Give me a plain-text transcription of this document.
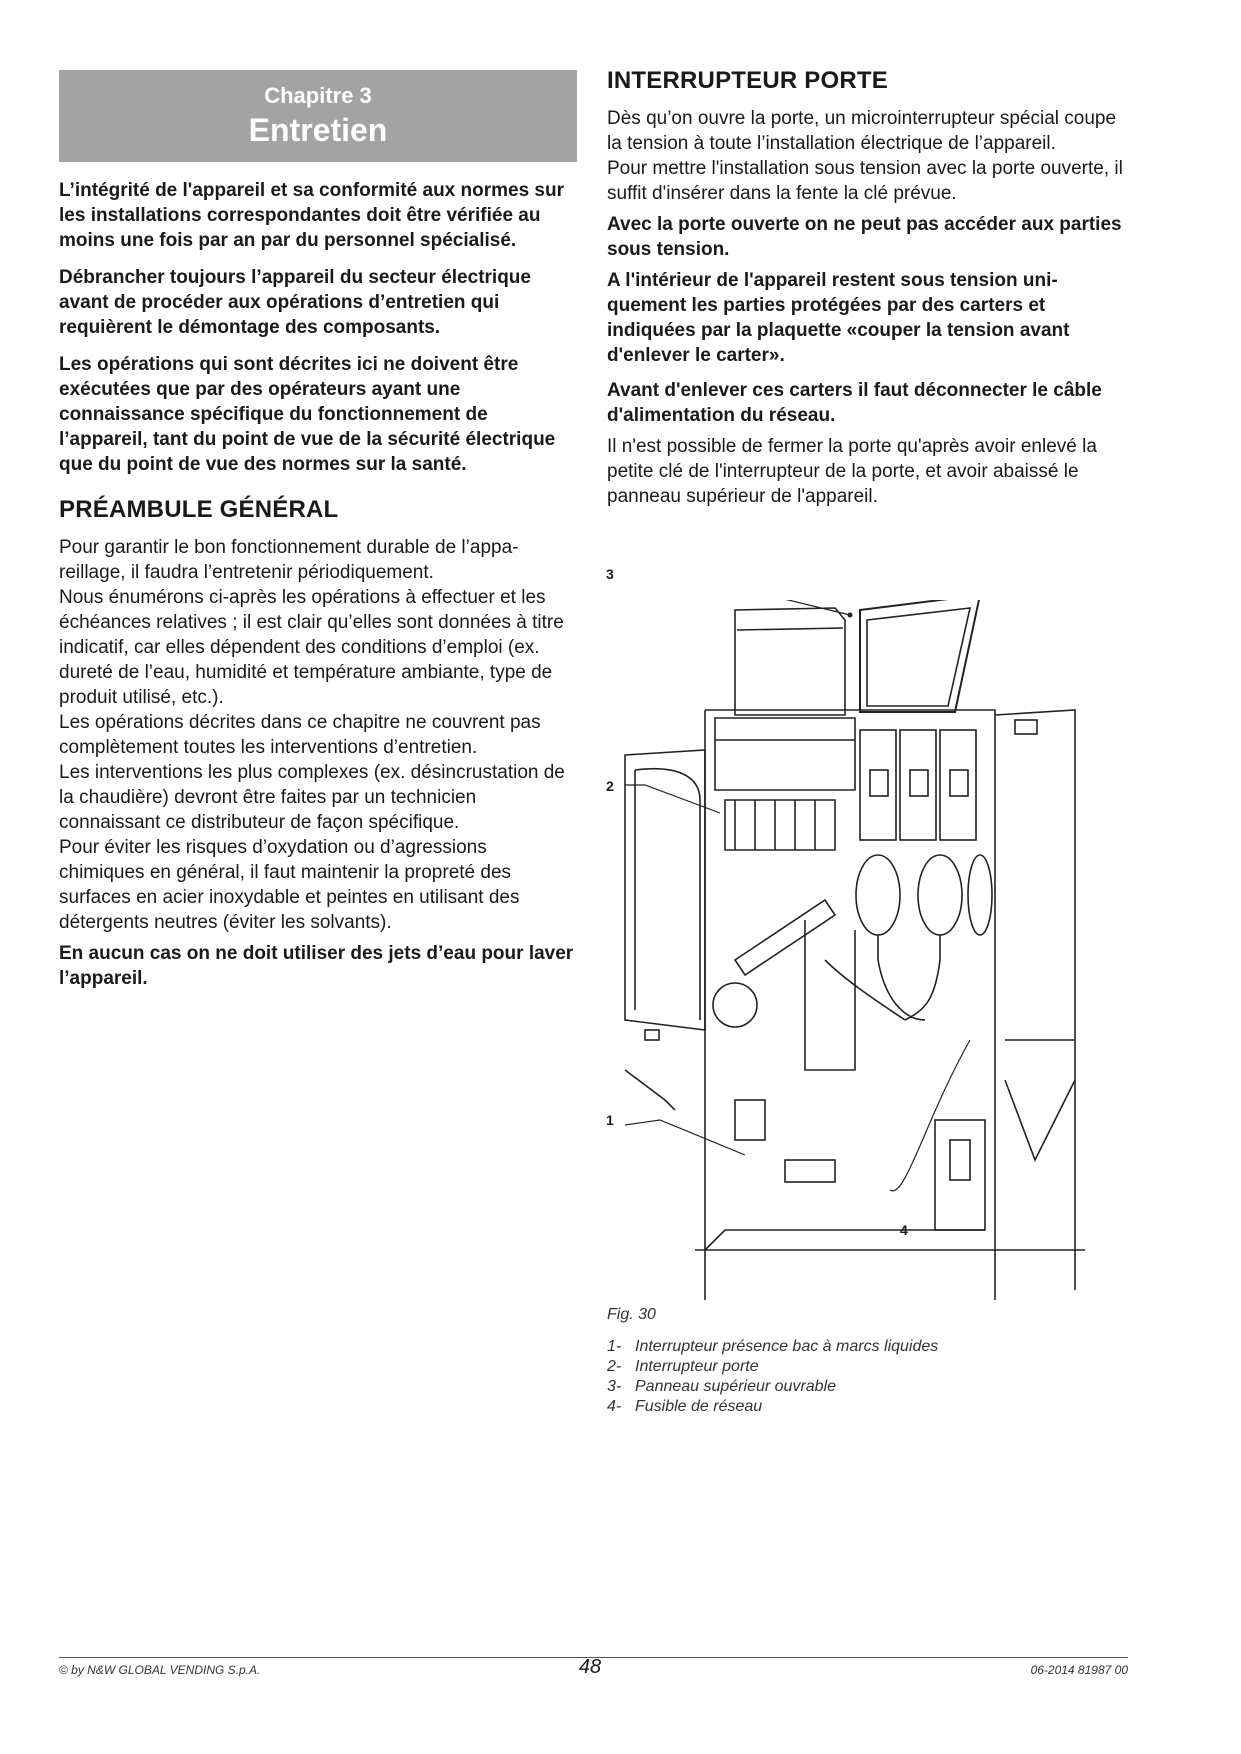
Chapitre 3
Entretien

L’intégrité de l'appareil et sa conformité aux normes sur les installations correspondantes doit être vérifiée au moins une fois par an par du personnel spécialisé.

Débrancher toujours l’appareil du secteur électrique avant de procéder aux opérations d’entretien qui requièrent le démontage des composants.

Les opérations qui sont décrites ici ne doivent être exécutées que par des opérateurs ayant une connaissance spécifique du fonctionnement de l’appareil, tant du point de vue de la sécurité électrique que du point de vue des normes sur la santé.

PRÉAMBULE GÉNÉRAL

Pour garantir le bon fonctionnement durable de l’appareillage, il faudra l’entretenir périodiquement.

Nous énumérons ci-après les opérations à effectuer et les échéances relatives ; il est clair qu’elles sont données à titre indicatif, car elles dépendent des conditions d’emploi (ex. dureté de l’eau, humidité et température ambiante, type de produit utilisé, etc.).

Les opérations décrites dans ce chapitre ne couvrent pas complètement toutes les interventions d’entretien.

Les interventions les plus complexes (ex. désincrustation de la chaudière) devront être faites par un technicien connaissant ce distributeur de façon spécifique.

Pour éviter les risques d’oxydation ou d’agressions chimiques en général, il faut maintenir la propreté des surfaces en acier inoxydable et peintes en utilisant des détergents neutres (éviter les solvants).

En aucun cas on ne doit utiliser des jets d’eau pour laver l’appareil.

INTERRUPTEUR PORTE

Dès qu’on ouvre la porte, un microinterrupteur spécial coupe la tension à toute l’installation électrique de l’appareil.

Pour mettre l'installation sous tension avec la porte ouverte, il suffit d'insérer dans la fente la clé prévue.

Avec la porte ouverte on ne peut pas accéder aux parties sous tension.

A l'intérieur de l'appareil restent sous tension uniquement les parties protégées par des carters et indiquées par la plaquette «couper la tension avant d'enlever le carter».

Avant d'enlever ces carters il faut déconnecter le câble d'alimentation du réseau.

Il n'est possible de fermer la porte qu'après avoir enlevé la petite clé de l'interrupteur de la porte, et avoir abaissé le panneau supérieur de l'appareil.

3
2
1
4
Fig. 30
1- Interrupteur présence bac à marcs liquides
2- Interrupteur porte
3- Panneau supérieur ouvrable
4- Fusible de réseau
© by N&W GLOBAL VENDING S.p.A.	48	06-2014 81987 00
